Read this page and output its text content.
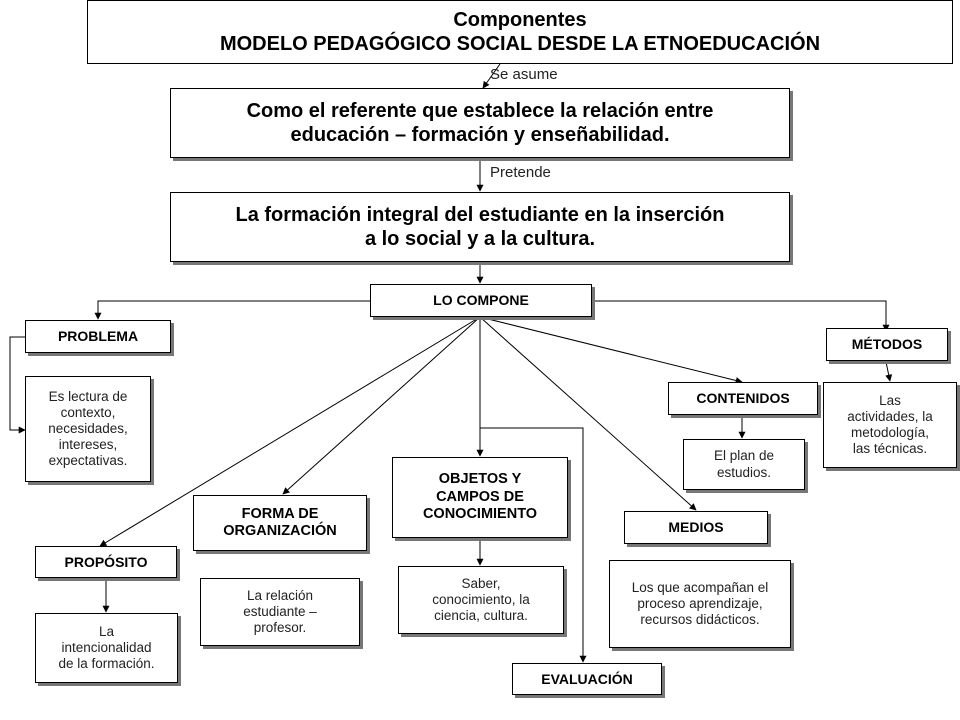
Componentes
MODELO PEDAGÓGICO SOCIAL DESDE LA ETNOEDUCACIÓN
Se asume
Como el referente que establece la relación entre
educación – formación y enseñabilidad.
Pretende
La formación integral del estudiante en la inserción
a lo social y a la cultura.
LO COMPONE
PROBLEMA
Es lectura de
contexto,
necesidades,
intereses,
expectativas.
MÉTODOS
Las
actividades, la
metodología,
las técnicas.
CONTENIDOS
El plan de
estudios.
OBJETOS Y
CAMPOS DE
CONOCIMIENTO
Saber,
conocimiento, la
ciencia, cultura.
FORMA DE
ORGANIZACIÓN
La relación
estudiante –
profesor.
PROPÓSITO
La
intencionalidad
de la formación.
MEDIOS
Los que acompañan el
proceso aprendizaje,
recursos didácticos.
EVALUACIÓN
